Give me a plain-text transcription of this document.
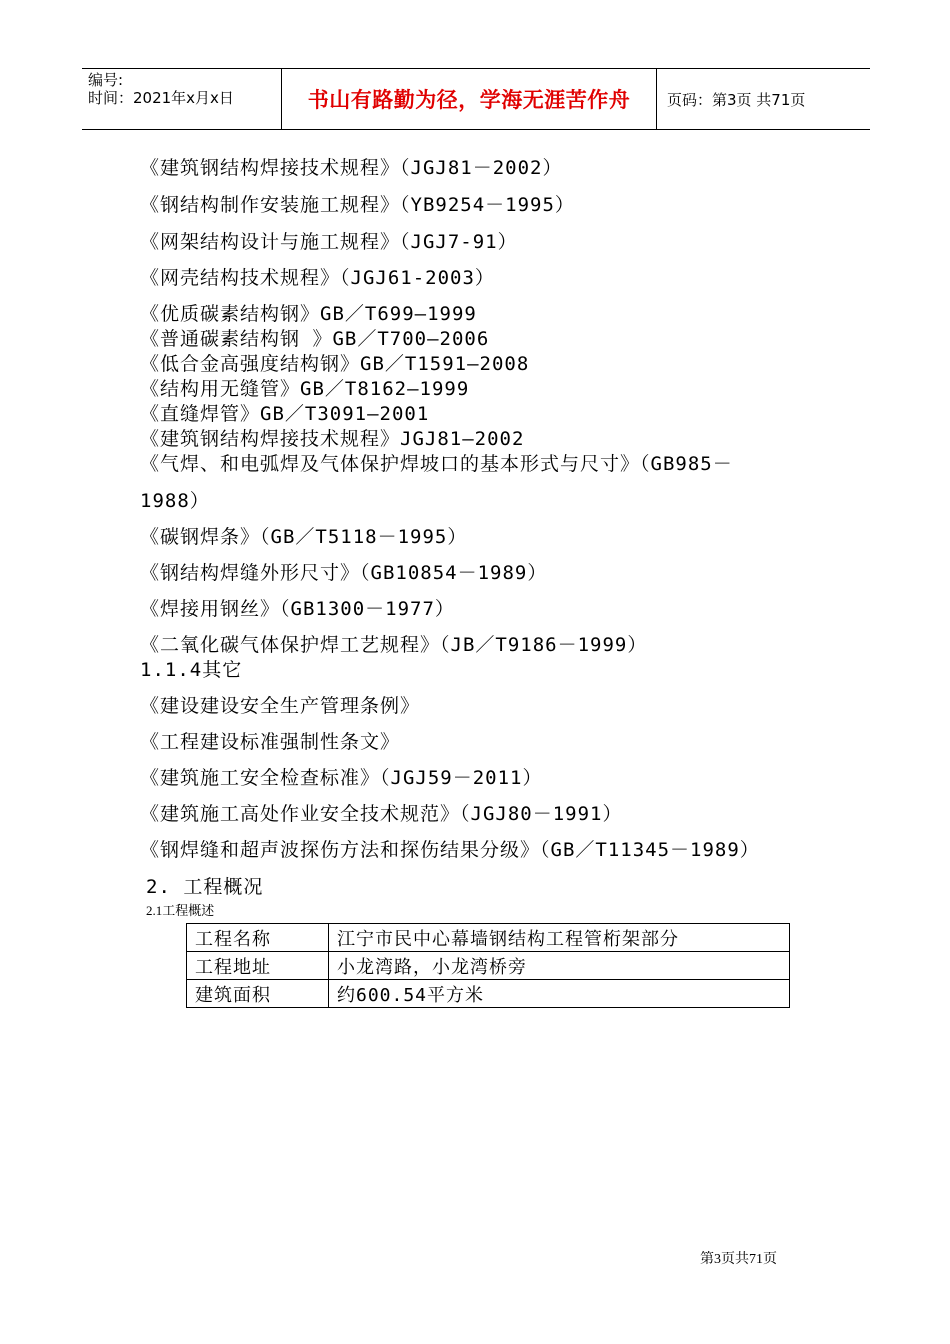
编号:
时间：2021年x月x日	书山有路勤为径，学海无涯苦作舟	页码：第3页 共71页
《建筑钢结构焊接技术规程》（JGJ81－2002）
《钢结构制作安装施工规程》（YB9254－1995）
《网架结构设计与施工规程》（JGJ7-91）
《网壳结构技术规程》（JGJ61-2003）
《优质碳素结构钢》GB／T699—1999
《普通碳素结构钢 》GB／T700—2006
《低合金高强度结构钢》GB／T1591—2008
《结构用无缝管》GB／T8162—1999
《直缝焊管》GB／T3091—2001
《建筑钢结构焊接技术规程》JGJ81—2002
《气焊、和电弧焊及气体保护焊坡口的基本形式与尺寸》（GB985－
1988）
《碳钢焊条》（GB／T5118－1995）
《钢结构焊缝外形尺寸》（GB10854－1989）
《焊接用钢丝》（GB1300－1977）
《二氧化碳气体保护焊工艺规程》（JB／T9186－1999）
1.1.4其它
《建设建设安全生产管理条例》
《工程建设标准强制性条文》
《建筑施工安全检查标准》（JGJ59－2011）
《建筑施工高处作业安全技术规范》（JGJ80－1991）
《钢焊缝和超声波探伤方法和探伤结果分级》（GB／T11345－1989）
2. 工程概况
2.1工程概述
工程名称	江宁市民中心幕墙钢结构工程管桁架部分
工程地址	小龙湾路，小龙湾桥旁
建筑面积	约600.54平方米
第3页共71页
